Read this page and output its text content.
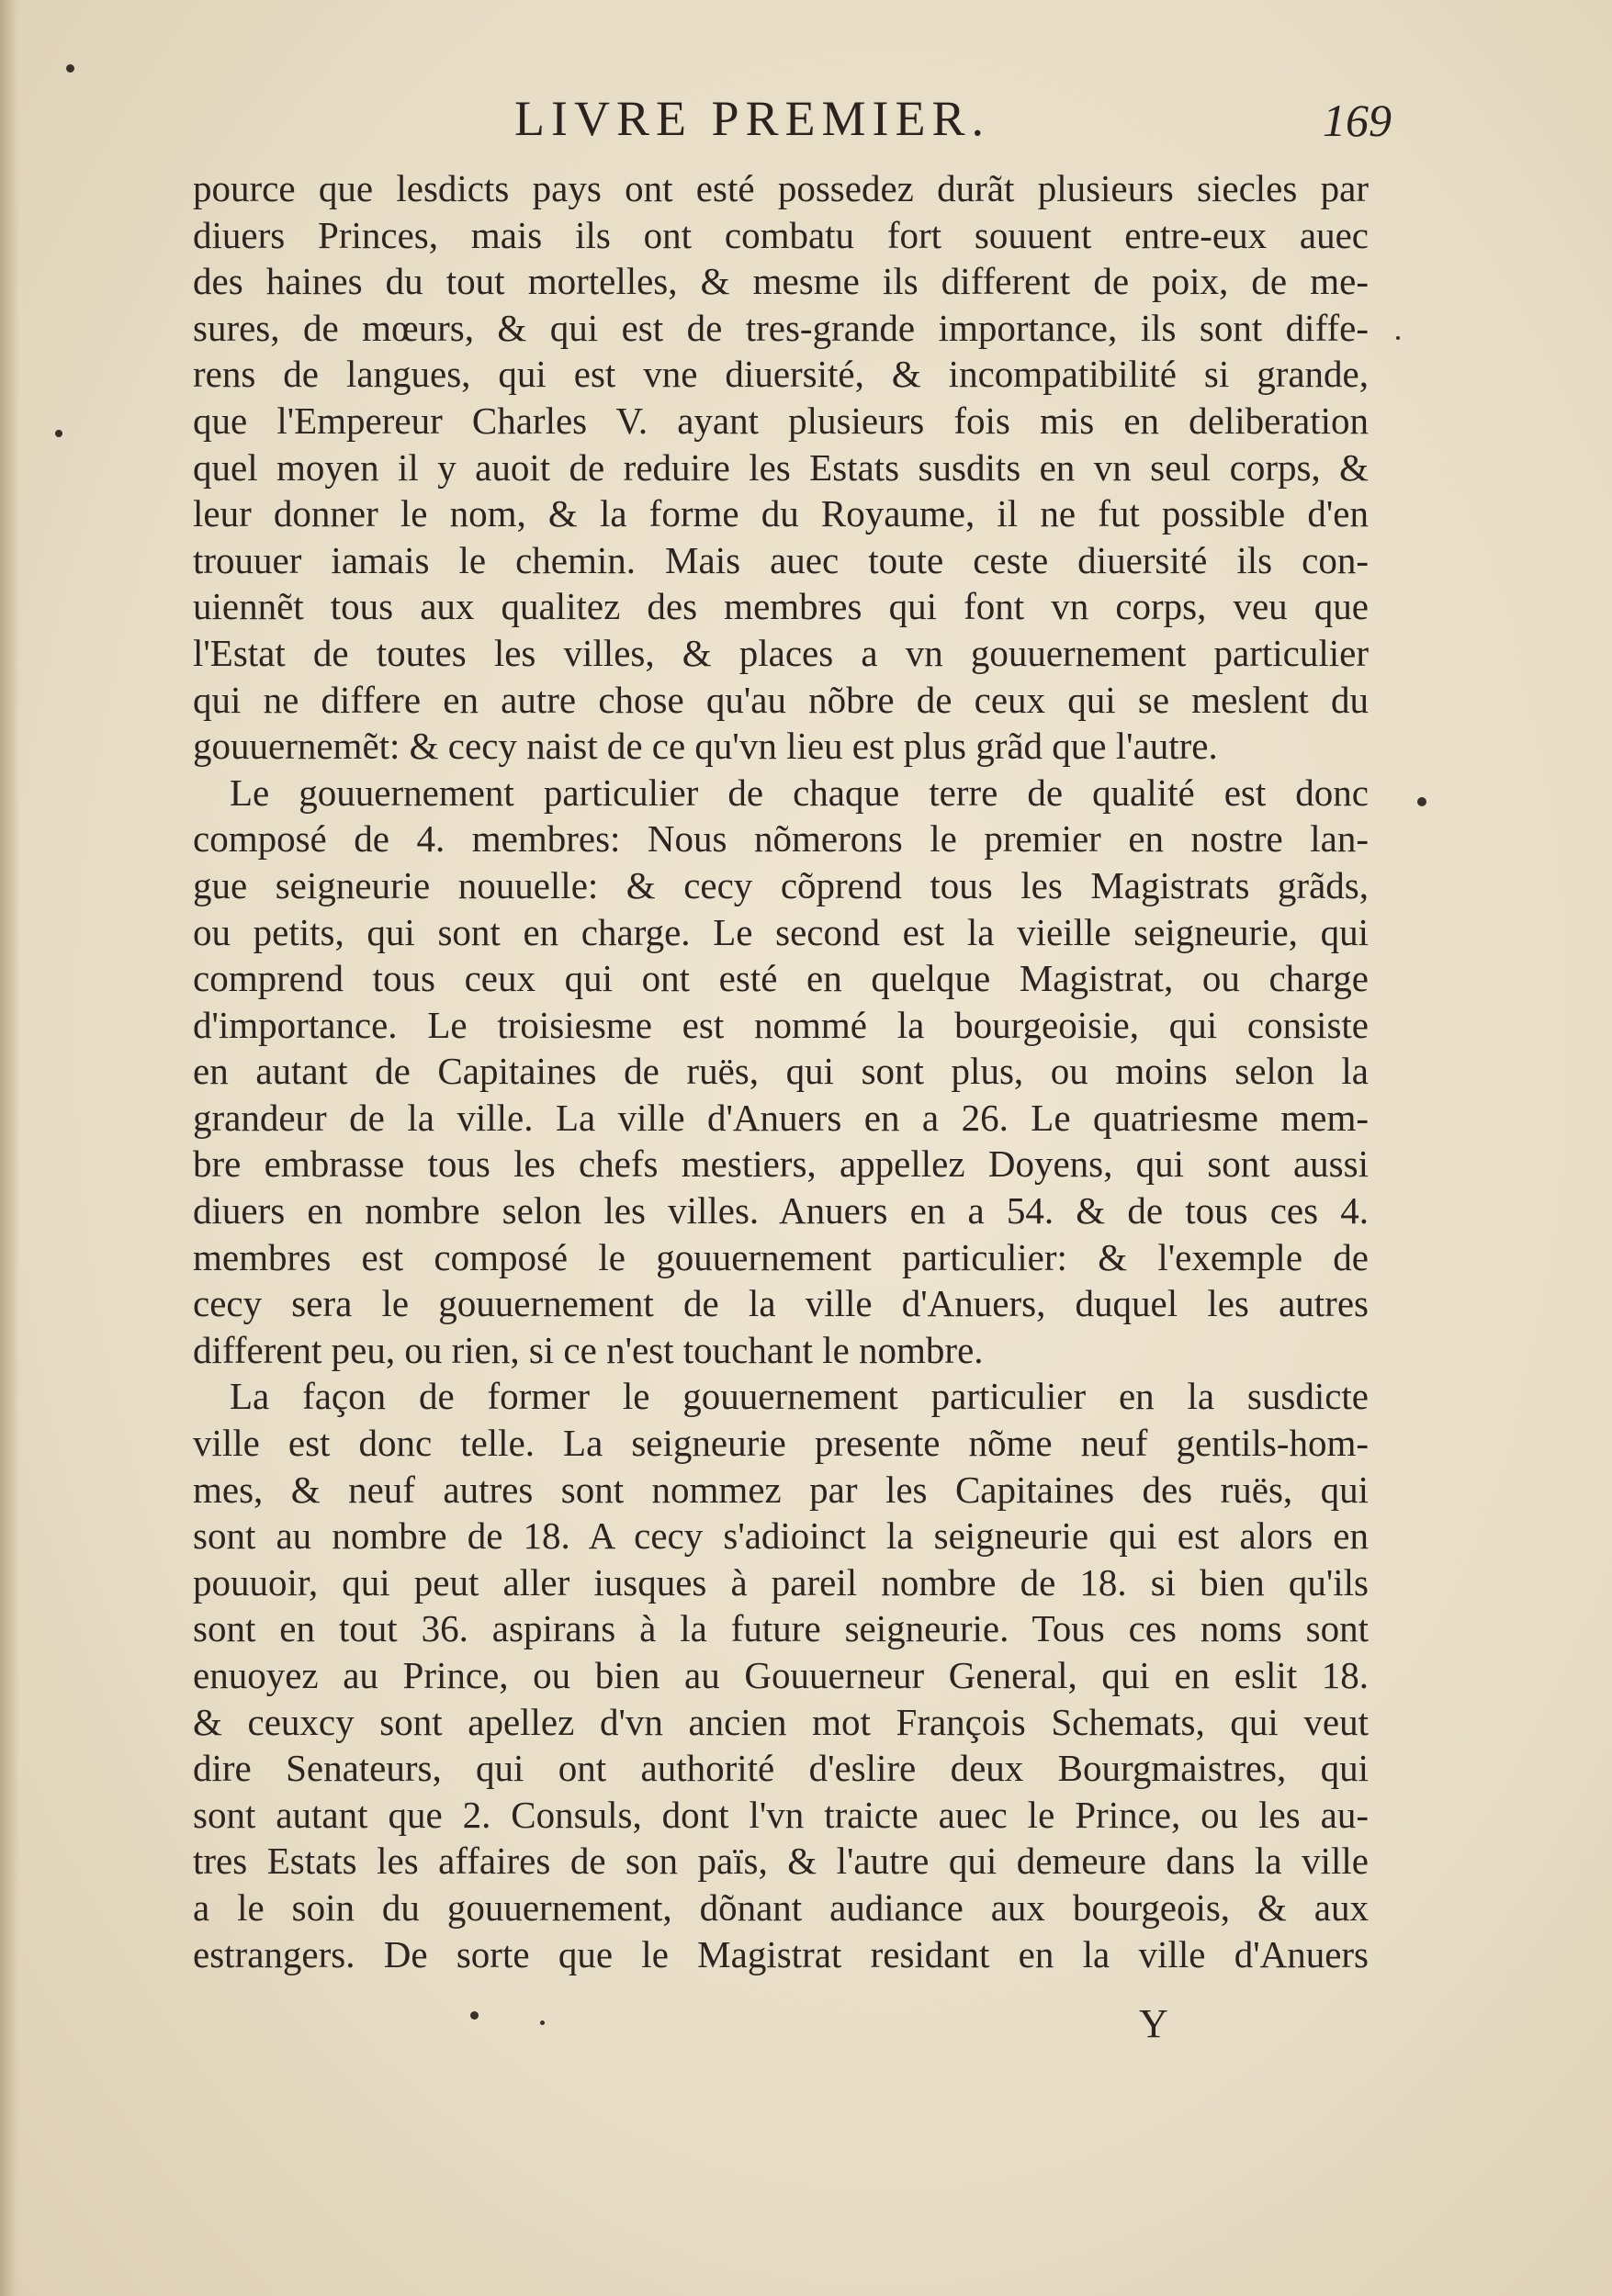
LIVRE PREMIER.	169
pource que lesdicts pays ont esté possedez durãt plusieurs siecles par
diuers Princes, mais ils ont combatu fort souuent entre-eux auec
des haines du tout mortelles, & mesme ils different de poix, de me-
sures, de mœurs, & qui est de tres-grande importance, ils sont diffe-
rens de langues, qui est vne diuersité, & incompatibilité si grande,
que l'Empereur Charles V. ayant plusieurs fois mis en deliberation
quel moyen il y auoit de reduire les Estats susdits en vn seul corps, &
leur donner le nom, & la forme du Royaume, il ne fut possible d'en
trouuer iamais le chemin. Mais auec toute ceste diuersité ils con-
uiennẽt tous aux qualitez des membres qui font vn corps, veu que
l'Estat de toutes les villes, & places a vn gouuernement particulier
qui ne differe en autre chose qu'au nõbre de ceux qui se meslent du
gouuernemẽt: & cecy naist de ce qu'vn lieu est plus grãd que l'autre.
Le gouuernement particulier de chaque terre de qualité est donc
composé de 4. membres: Nous nõmerons le premier en nostre lan-
gue seigneurie nouuelle: & cecy cõprend tous les Magistrats grãds,
ou petits, qui sont en charge. Le second est la vieille seigneurie, qui
comprend tous ceux qui ont esté en quelque Magistrat, ou charge
d'importance. Le troisiesme est nommé la bourgeoisie, qui consiste
en autant de Capitaines de ruës, qui sont plus, ou moins selon la
grandeur de la ville. La ville d'Anuers en a 26. Le quatriesme mem-
bre embrasse tous les chefs mestiers, appellez Doyens, qui sont aussi
diuers en nombre selon les villes. Anuers en a 54. & de tous ces 4.
membres est composé le gouuernement particulier: & l'exemple de
cecy sera le gouuernement de la ville d'Anuers, duquel les autres
different peu, ou rien, si ce n'est touchant le nombre.
La façon de former le gouuernement particulier en la susdicte
ville est donc telle. La seigneurie presente nõme neuf gentils-hom-
mes, & neuf autres sont nommez par les Capitaines des ruës, qui
sont au nombre de 18. A cecy s'adioinct la seigneurie qui est alors en
pouuoir, qui peut aller iusques à pareil nombre de 18. si bien qu'ils
sont en tout 36. aspirans à la future seigneurie. Tous ces noms sont
enuoyez au Prince, ou bien au Gouuerneur General, qui en eslit 18.
& ceuxcy sont apellez d'vn ancien mot François Schemats, qui veut
dire Senateurs, qui ont authorité d'eslire deux Bourgmaistres, qui
sont autant que 2. Consuls, dont l'vn traicte auec le Prince, ou les au-
tres Estats les affaires de son païs, & l'autre qui demeure dans la ville
a le soin du gouuernement, dõnant audiance aux bourgeois, & aux
estrangers. De sorte que le Magistrat residant en la ville d'Anuers
Y
